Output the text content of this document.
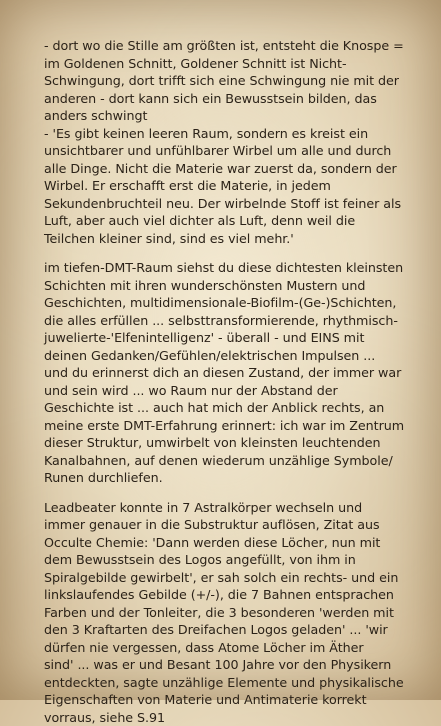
- dort wo die Stille am größten ist, entsteht die Knospe =
im Goldenen Schnitt, Goldener Schnitt ist Nicht-
Schwingung, dort trifft sich eine Schwingung nie mit der
anderen - dort kann sich ein Bewusstsein bilden, das
anders schwingt

- 'Es gibt keinen leeren Raum, sondern es kreist ein
unsichtbarer und unfühlbarer Wirbel um alle und durch
alle Dinge. Nicht die Materie war zuerst da, sondern der
Wirbel. Er erschafft erst die Materie, in jedem
Sekundenbruchteil neu. Der wirbelnde Stoff ist feiner als
Luft, aber auch viel dichter als Luft, denn weil die
Teilchen kleiner sind, sind es viel mehr.'

im tiefen-DMT-Raum siehst du diese dichtesten kleinsten
Schichten mit ihren wunderschönsten Mustern und
Geschichten, multidimensionale-Biofilm-(Ge-)Schichten,
die alles erfüllen ... selbsttransformierende, rhythmisch-
juwelierte-'Elfenintelligenz' - überall - und EINS mit
deinen Gedanken/Gefühlen/elektrischen Impulsen ...
und du erinnerst dich an diesen Zustand, der immer war
und sein wird ... wo Raum nur der Abstand der
Geschichte ist ... auch hat mich der Anblick rechts, an
meine erste DMT-Erfahrung erinnert: ich war im Zentrum
dieser Struktur, umwirbelt von kleinsten leuchtenden
Kanalbahnen, auf denen wiederum unzählige Symbole/
Runen durchliefen.

Leadbeater konnte in 7 Astralkörper wechseln und
immer genauer in die Substruktur auflösen, Zitat aus
Occulte Chemie: 'Dann werden diese Löcher, nun mit
dem Bewusstsein des Logos angefüllt, von ihm in
Spiralgebilde gewirbelt', er sah solch ein rechts- und ein
linkslaufendes Gebilde (+/-), die 7 Bahnen entsprachen
Farben und der Tonleiter, die 3 besonderen 'werden mit
den 3 Kraftarten des Dreifachen Logos geladen' ... 'wir
dürfen nie vergessen, dass Atome Löcher im Äther
sind' ... was er und Besant 100 Jahre vor den Physikern
entdeckten, sagte unzählige Elemente und physikalische
Eigenschaften von Materie und Antimaterie korrekt
vorraus, siehe S.91
